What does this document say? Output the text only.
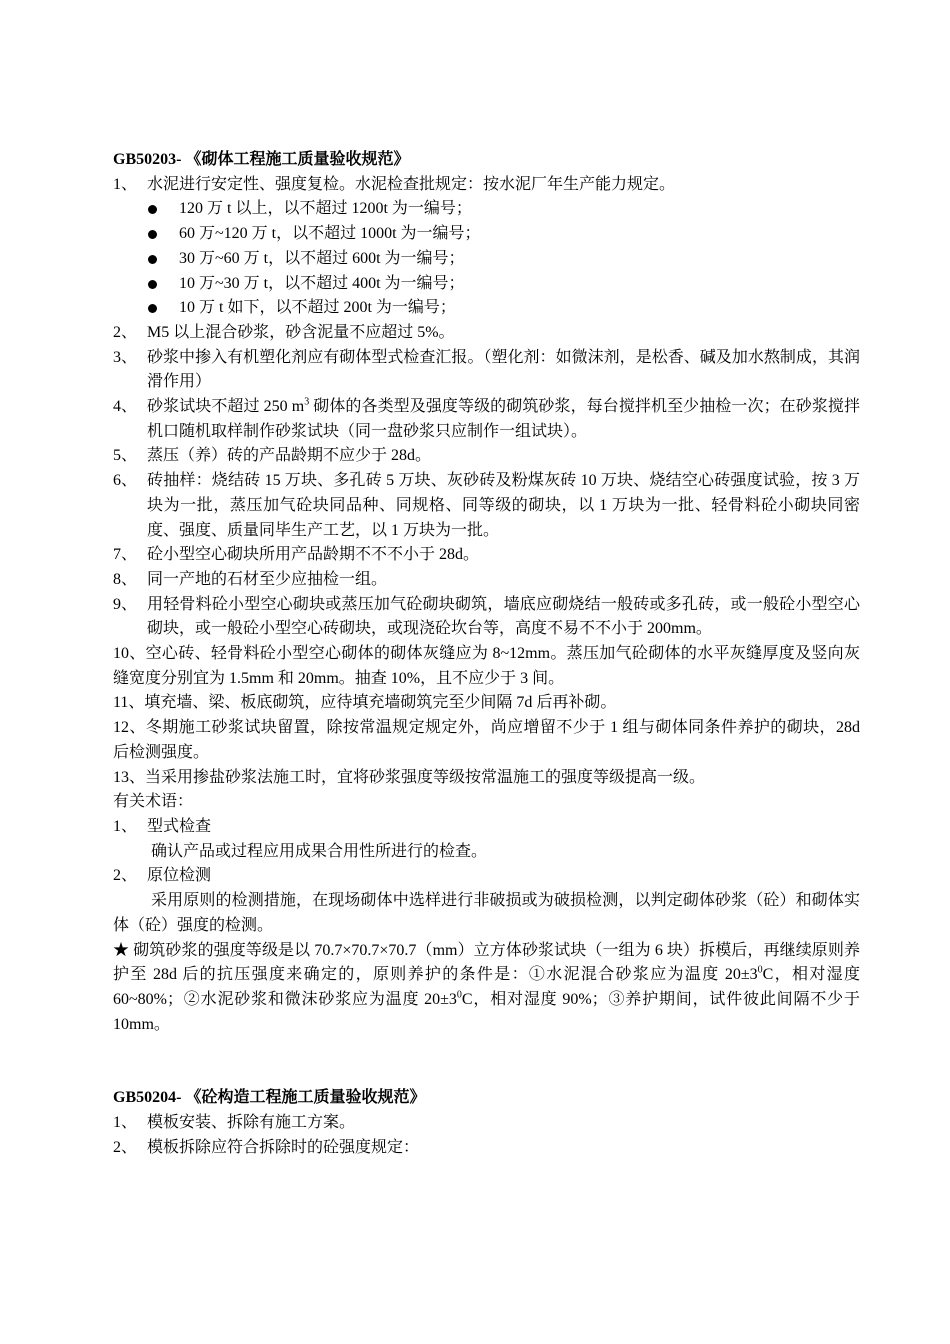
GB50203- 《砌体工程施工质量验收规范》
1、 水泥进行安定性、强度复检。水泥检查批规定：按水泥厂年生产能力规定。
120 万 t 以上，以不超过 1200t 为一编号；
60 万~120 万 t，以不超过 1000t 为一编号；
30 万~60 万 t，以不超过 600t 为一编号；
10 万~30 万 t，以不超过 400t 为一编号；
10 万 t 如下，以不超过 200t 为一编号；
2、 M5 以上混合砂浆，砂含泥量不应超过 5%。
3、 砂浆中掺入有机塑化剂应有砌体型式检查汇报。（塑化剂：如微沫剂，是松香、碱及加水熬制成，其润滑作用）
4、 砂浆试块不超过 250 $m^3$ 砌体的各类型及强度等级的砌筑砂浆，每台搅拌机至少抽检一次；在砂浆搅拌机口随机取样制作砂浆试块（同一盘砂浆只应制作一组试块）。
5、 蒸压（养）砖的产品龄期不应少于 28d。
6、 砖抽样：烧结砖 15 万块、多孔砖 5 万块、灰砂砖及粉煤灰砖 10 万块、烧结空心砖强度试验，按 3 万块为一批，蒸压加气砼块同品种、同规格、同等级的砌块，以 1 万块为一批、轻骨料砼小砌块同密度、强度、质量同毕生产工艺，以 1 万块为一批。
7、 砼小型空心砌块所用产品龄期不不不小于 28d。
8、 同一产地的石材至少应抽检一组。
9、 用轻骨料砼小型空心砌块或蒸压加气砼砌块砌筑，墙底应砌烧结一般砖或多孔砖，或一般砼小型空心砌块，或一般砼小型空心砖砌块，或现浇砼坎台等，高度不易不不小于 200mm。
10、空心砖、轻骨料砼小型空心砌体的砌体灰缝应为 8~12mm。蒸压加气砼砌体的水平灰缝厚度及竖向灰缝宽度分别宜为 1.5mm 和 20mm。抽查 10%，且不应少于 3 间。
11、填充墙、梁、板底砌筑，应待填充墙砌筑完至少间隔 7d 后再补砌。
12、冬期施工砂浆试块留置，除按常温规定规定外，尚应增留不少于 1 组与砌体同条件养护的砌块，28d 后检测强度。
13、当采用掺盐砂浆法施工时，宜将砂浆强度等级按常温施工的强度等级提高一级。
有关术语：
1、 型式检查
确认产品或过程应用成果合用性所进行的检查。
2、 原位检测
采用原则的检测措施，在现场砌体中选样进行非破损或为破损检测，以判定砌体砂浆（砼）和砌体实体（砼）强度的检测。
★ 砌筑砂浆的强度等级是以 70.7×70.7×70.7（mm）立方体砂浆试块（一组为 6 块）拆模后，再继续原则养护至 28d 后的抗压强度来确定的，原则养护的条件是：①水泥混合砂浆应为温度 $20\pm 3^0C$，相对湿度 60~80%；②水泥砂浆和微沫砂浆应为温度 $20\pm 3^0C$，相对湿度 90%；③养护期间，试件彼此间隔不少于 10mm。
GB50204- 《砼构造工程施工质量验收规范》
1、 模板安装、拆除有施工方案。
2、 模板拆除应符合拆除时的砼强度规定：
